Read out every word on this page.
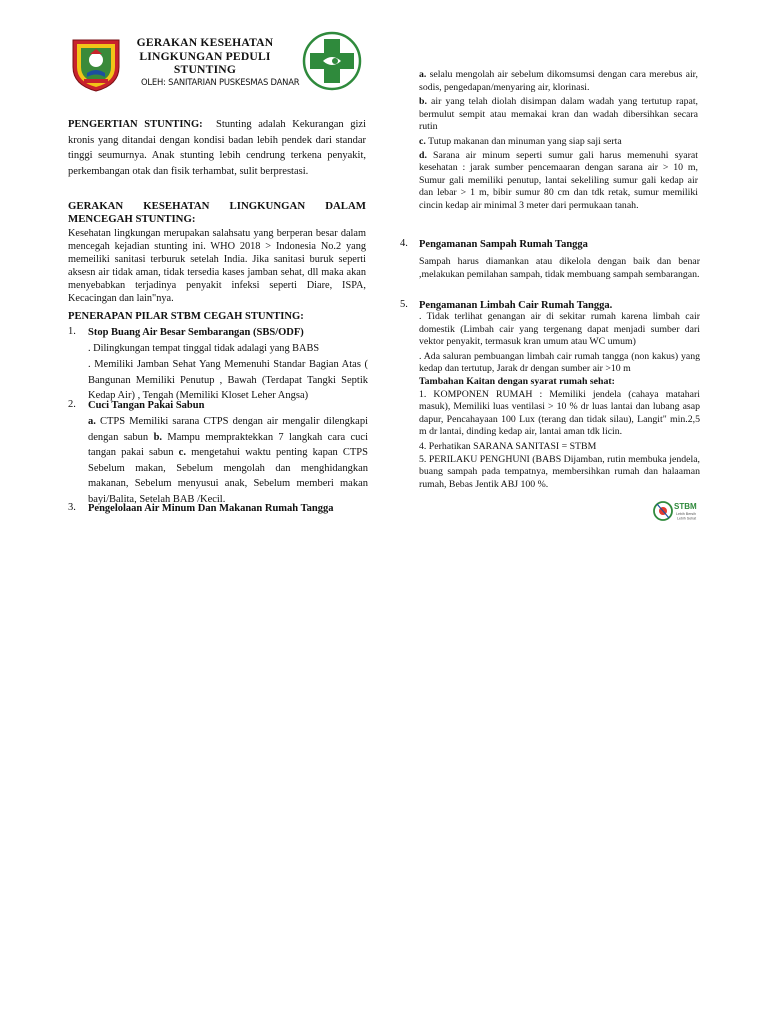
GERAKAN KESEHATAN
LINGKUNGAN PEDULI
STUNTING
OLEH: SANITARIAN PUSKESMAS DANAR
PENGERTIAN STUNTING: Stunting adalah Kekurangan gizi kronis yang ditandai dengan kondisi badan lebih pendek dari standar tinggi seumurnya. Anak stunting lebih cendrung terkena penyakit, perkembangan otak dan fisik terhambat, sulit berprestasi.
GERAKAN KESEHATAN LINGKUNGAN DALAM MENCEGAH STUNTING:
Kesehatan lingkungan merupakan salahsatu yang berperan besar dalam mencegah kejadian stunting ini. WHO 2018 > Indonesia No.2 yang memeiliki sanitasi terburuk setelah India. Jika sanitasi buruk seperti aksesn air tidak aman, tidak tersedia kases jamban sehat, dll maka akan menyebabkan terjadinya penyakit infeksi seperti Diare, ISPA, Kecacingan dan lain"nya.
PENERAPAN PILAR STBM CEGAH STUNTING:
1.	Stop Buang Air Besar Sembarangan (SBS/ODF)
. Dilingkungan tempat tinggal tidak adalagi yang BABS
. Memiliki Jamban Sehat Yang Memenuhi Standar Bagian Atas ( Bangunan Memiliki Penutup , Bawah (Terdapat Tangki Septik Kedap Air) , Tengah (Memiliki Kloset Leher Angsa)
2.	Cuci Tangan Pakai Sabun
a. CTPS Memiliki sarana CTPS dengan air mengalir dilengkapi dengan sabun b. Mampu mempraktekkan 7 langkah cara cuci tangan pakai sabun c. mengetahui waktu penting kapan CTPS Sebelum makan, Sebelum mengolah dan menghidangkan makanan, Sebelum menyusui anak, Sebelum memberi makan bayi/Balita, Setelah BAB /Kecil.
3.	Pengelolaan Air Minum Dan Makanan Rumah Tangga
a. selalu mengolah air sebelum dikomsumsi dengan cara merebus air, sodis, pengedapan/menyaring air, klorinasi.
b. air yang telah diolah disimpan dalam wadah yang tertutup rapat, bermulut sempit atau memakai kran dan wadah dibersihkan secara rutin
c. Tutup makanan dan minuman yang siap saji serta
d. Sarana air minum seperti sumur gali harus memenuhi syarat kesehatan : jarak sumber pencemaaran dengan sarana air > 10 m, Sumur gali memiliki penutup, lantai sekeliling sumur gali kedap air dan lebar > 1 m, bibir sumur 80 cm dan tdk retak, sumur memiliki cincin kedap air minimal 3 meter dari permukaan tanah.
4.	Pengamanan Sampah Rumah Tangga
Sampah harus diamankan atau dikelola dengan baik dan benar ,melakukan pemilahan sampah, tidak membuang sampah sembarangan.
5.	Pengamanan Limbah Cair Rumah Tangga.
. Tidak terlihat genangan air di sekitar rumah karena limbah cair domestik (Limbah cair yang tergenang dapat menjadi sumber dari vektor penyakit, termasuk kran umum atau WC umum)
. Ada saluran pembuangan limbah cair rumah tangga (non kakus) yang kedap dan tertutup, Jarak dr dengan sumber air >10 m
Tambahan Kaitan dengan syarat rumah sehat:
1. KOMPONEN RUMAH : Memiliki jendela (cahaya matahari masuk), Memiliki luas ventilasi > 10 % dr luas lantai dan lubang asap dapur, Pencahayaan 100 Lux (terang dan tidak silau), Langit" min.2,5 m dr lantai, dinding kedap air, lantai aman tdk licin.
4. Perhatikan SARANA SANITASI = STBM
5. PERILAKU PENGHUNI (BABS Dijamban, rutin membuka jendela, buang sampah pada tempatnya, membersihkan rumah dan halaaman rumah, Bebas Jentik ABJ 100 %.
STBM
Lebih Bersih
Lebih Sehat
